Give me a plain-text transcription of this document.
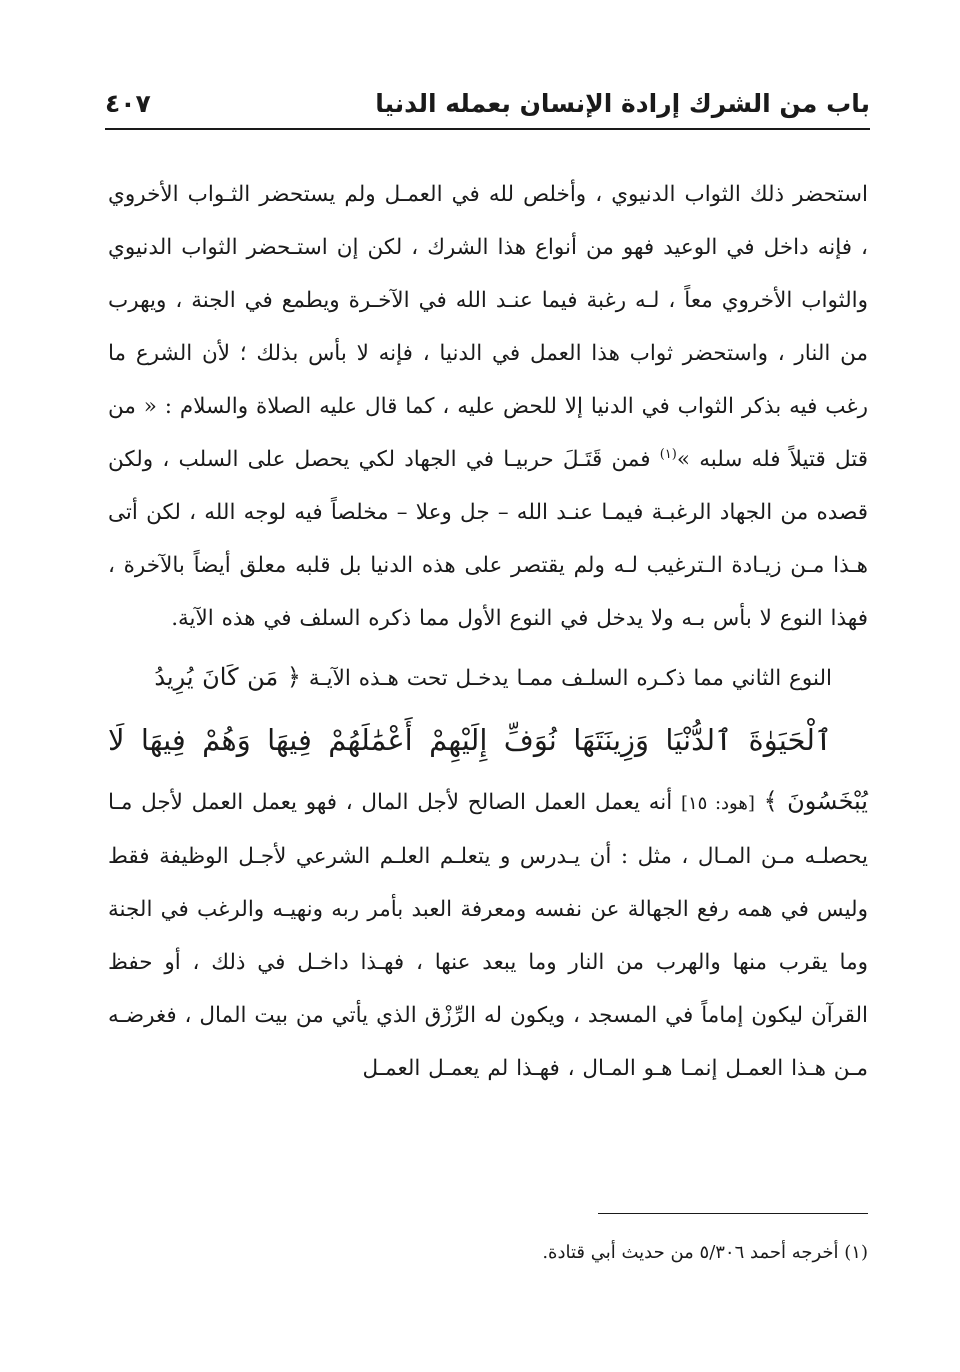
باب من الشرك إرادة الإنسان بعمله الدنيا
٤٠٧

استحضر ذلك الثواب الدنيوي ، وأخلص لله في العمـل ولم يستحضر الثـواب الأخروي ، فإنه داخل في الوعيد فهو من أنواع هذا الشرك ، لكن إن استـحضر الثواب الدنيوي والثواب الأخروي معاً ، لـه رغبة فيما عنـد الله في الآخـرة ويطمع في الجنة ، ويهرب من النار ، واستحضر ثواب هذا العمل في الدنيا ، فإنه لا بأس بذلك ؛ لأن الشرع ما رغب فيه بذكر الثواب في الدنيا إلا للحض عليه ، كما قال عليه الصلاة والسلام : « من قتل قتيلاً فله سلبه »$^{(١)}$ فمن قَتَـلَ حربيـا في الجهاد لكي يحصل على السلب ، ولكن قصده من الجهاد الرغبـة فيمـا عنـد الله – جل وعلا – مخلصاً فيه لوجه الله ، لكن أتى هـذا مـن زيـادة الـترغيب لـه ولم يقتصر على هذه الدنيا بل قلبه معلق أيضاً بالآخرة ، فهذا النوع لا بأس بـه ولا يدخل في النوع الأول مما ذكره السلف في هذه الآية.

النوع الثاني مما ذكـره السلـف ممـا يدخـل تحت هـذه الآيـة ﴿ مَن كَانَ يُرِيدُ
ٱلْحَيَوٰةَ ٱلدُّنْيَا وَزِينَتَهَا نُوَفِّ إِلَيْهِمْ أَعْمَٰلَهُمْ فِيهَا وَهُمْ فِيهَا لَا
يُبْخَسُونَ ﴾ [هود: ١٥] أنه يعمل العمل الصالح لأجل المال ، فهو يعمل العمل لأجل مـا يحصلـه مـن المـال ، مثل : أن يـدرس و يتعلـم العلـم الشرعي لأجـل الوظيفة فقط وليس في همه رفع الجهالة عن نفسه ومعرفة العبد بأمر ربه ونهيـه والرغب في الجنة وما يقرب منها والهرب من النار وما يبعد عنها ، فهـذا داخـل في ذلك ، أو حفظ القرآن ليكون إماماً في المسجد ، ويكون له الرِّزْق الذي يأتي من بيت المال ، فغرضـه مـن هـذا العمـل إنمـا هـو المـال ، فهـذا لم يعمـل العمـل

(١) أخرجه أحمد ٥/٣٠٦ من حديث أبي قتادة.
